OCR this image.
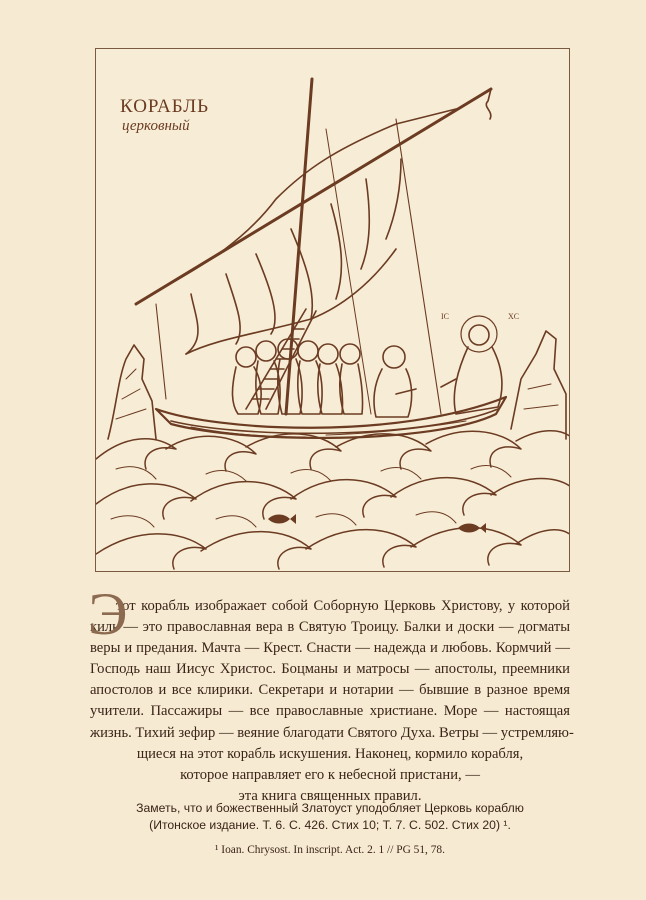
IC	XC
КОРАБЛЬ
церковный
Э
тот корабль изображает собой Соборную Церковь Христову, у которой
киль — это православная вера в Святую Троицу. Балки и доски — догматы
веры и предания. Мачта — Крест. Снасти — надежда и любовь. Кормчий —
Господь наш Иисус Христос. Боцманы и матросы — апостолы, преемники
апостолов и все клирики. Секретари и нотарии — бывшие в разное время
учители. Пассажиры — все православные христиане. Море — настоящая
жизнь. Тихий зефир — веяние благодати Святого Духа. Ветры — устремляю-
щиеся на этот корабль искушения. Наконец, кормило корабля,
которое направляет его к небесной пристани, —
эта книга священных правил.
Заметь, что и божественный Златоуст уподобляет Церковь кораблю
(Итонское издание. Т. 6. С. 426. Стих 10; Т. 7. С. 502. Стих 20) ¹.
¹ Ioan. Chrysost. In inscript. Act. 2. 1 // PG 51, 78.
